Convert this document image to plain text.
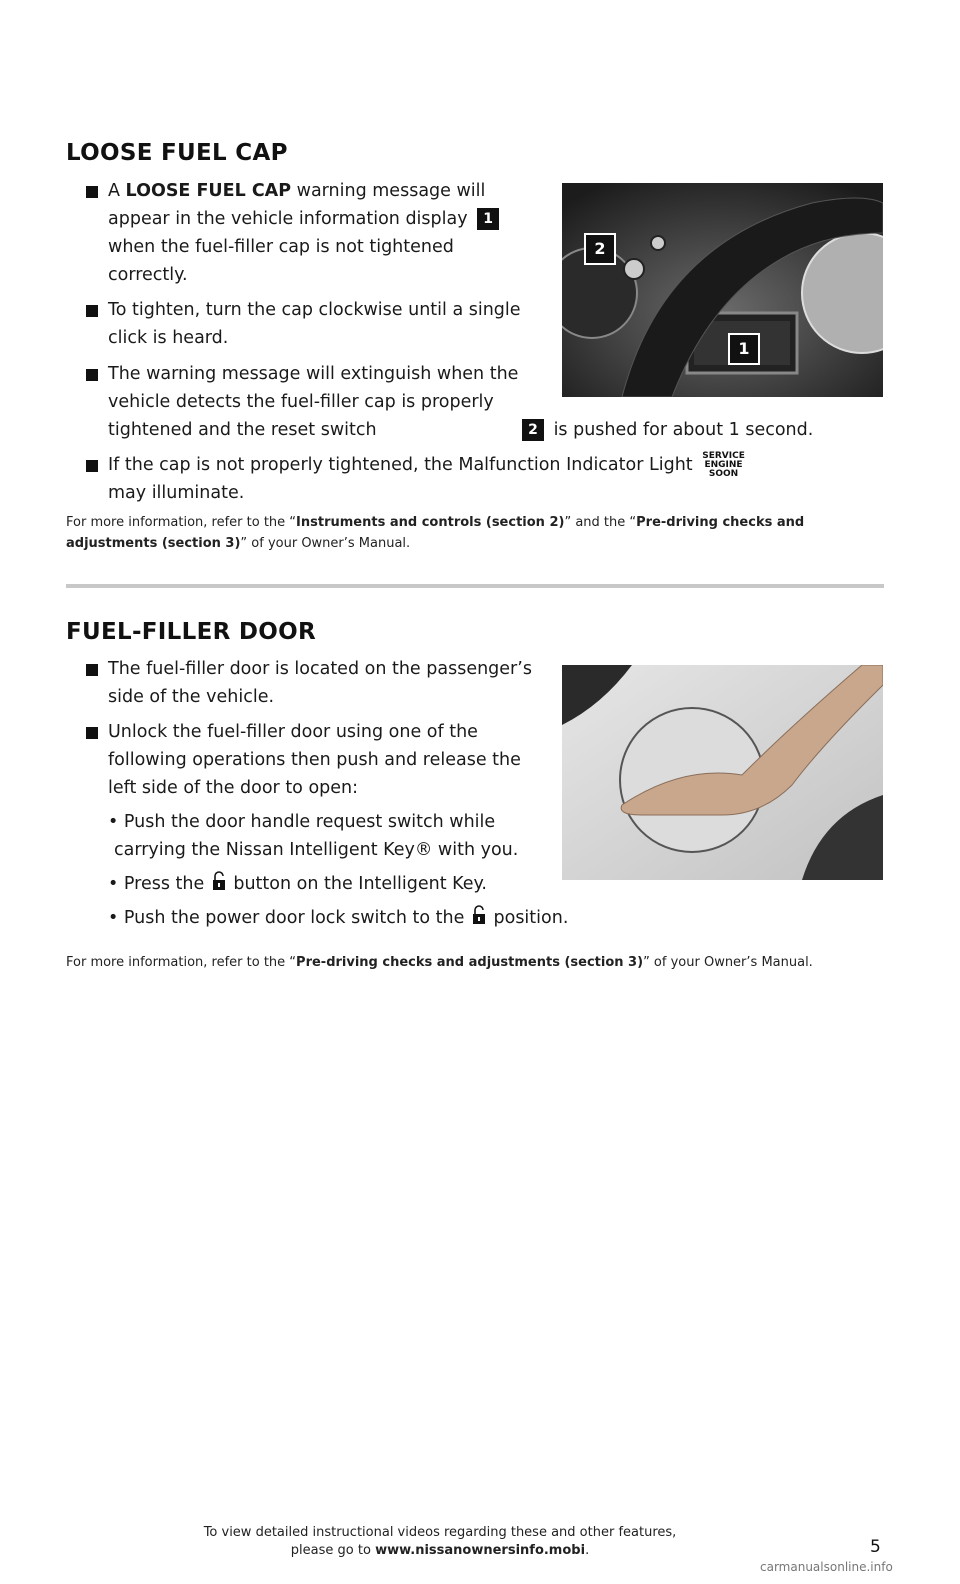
LOOSE FUEL CAP
A LOOSE FUEL CAP warning message will appear in the vehicle information display 1 when the fuel-filler cap is not tightened correctly.
To tighten, turn the cap clockwise until a single click is heard.
The warning message will extinguish when the vehicle detects the fuel-filler cap is properly tightened and the reset switch	2 is pushed for about 1 second.
If the cap is not properly tightened, the Malfunction Indicator Light SERVICE
ENGINE
SOON

may illuminate.
For more information, refer to the “Instruments and controls (section 2)” and the “Pre-driving checks and adjustments (section 3)” of your Owner’s Manual.
2
1
FUEL-FILLER DOOR
The fuel-filler door is located on the passenger’s side of the vehicle.
Unlock the fuel-filler door using one of the following operations then push and release the left side of the door to open:
• Push the door handle request switch while carrying the Nissan Intelligent Key® with you.
• Press the  button on the Intelligent Key.
• Push the power door lock switch to the  position.
For more information, refer to the “Pre-driving checks and adjustments (section 3)” of your Owner’s Manual.
To view detailed instructional videos regarding these and other features,
please go to www.nissanownersinfo.mobi.	5
carmanualsonline.info
